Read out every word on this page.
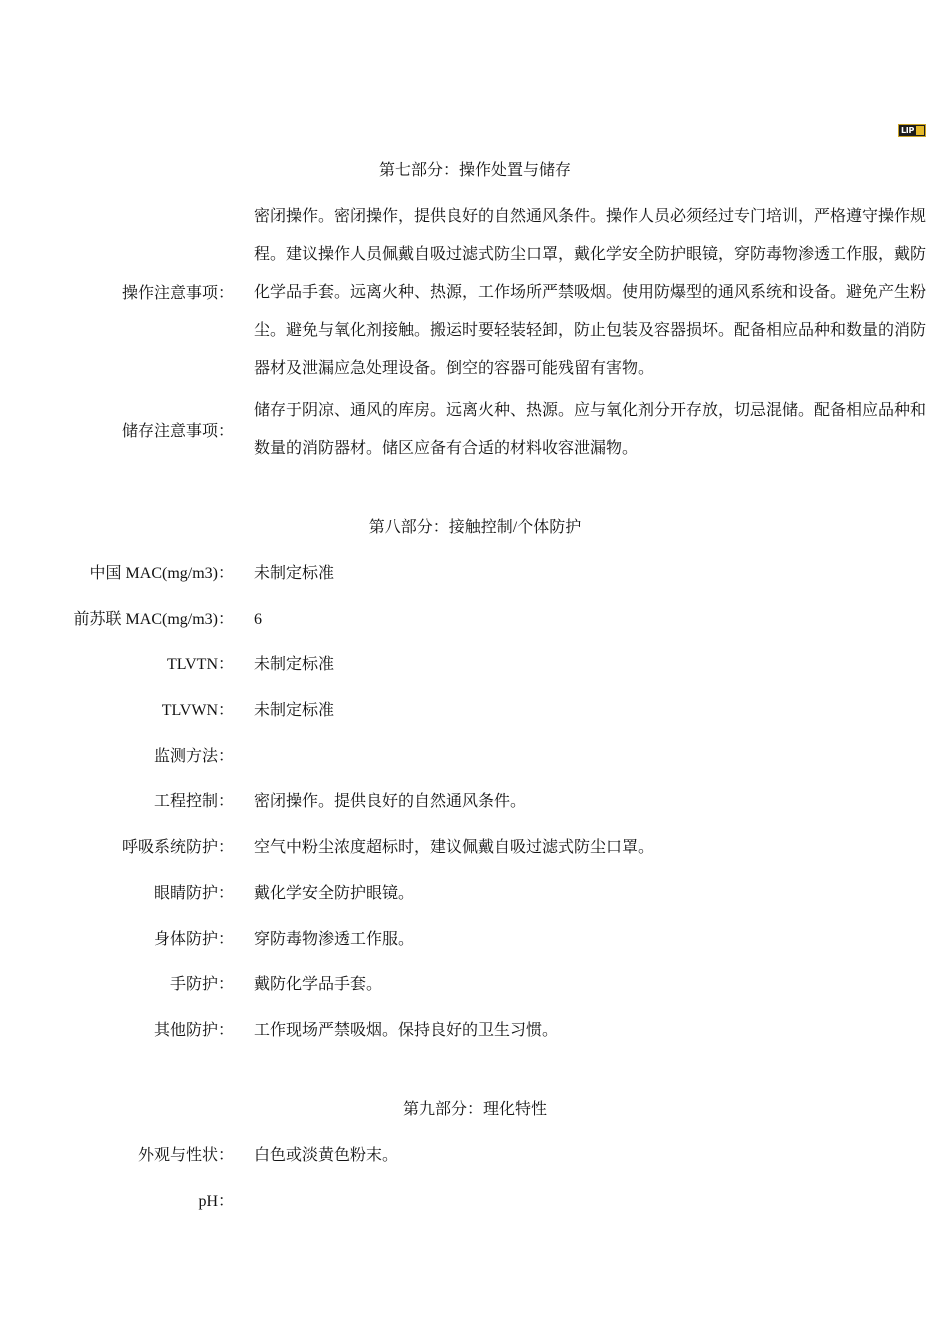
LIP
第七部分：操作处置与储存
操作注意事项：
密闭操作。密闭操作，提供良好的自然通风条件。操作人员必须经过专门培训，严格遵守操作规程。建议操作人员佩戴自吸过滤式防尘口罩，戴化学安全防护眼镜，穿防毒物渗透工作服，戴防化学品手套。远离火种、热源，工作场所严禁吸烟。使用防爆型的通风系统和设备。避免产生粉尘。避免与氧化剂接触。搬运时要轻装轻卸，防止包装及容器损坏。配备相应品种和数量的消防器材及泄漏应急处理设备。倒空的容器可能残留有害物。
储存注意事项：
储存于阴凉、通风的库房。远离火种、热源。应与氧化剂分开存放，切忌混储。配备相应品种和数量的消防器材。储区应备有合适的材料收容泄漏物。
第八部分：接触控制/个体防护
中国 MAC(mg/m3)： 未制定标准
前苏联 MAC(mg/m3)： 6
TLVTN： 未制定标准
TLVWN： 未制定标准
监测方法：
工程控制： 密闭操作。提供良好的自然通风条件。
呼吸系统防护： 空气中粉尘浓度超标时，建议佩戴自吸过滤式防尘口罩。
眼睛防护： 戴化学安全防护眼镜。
身体防护： 穿防毒物渗透工作服。
手防护： 戴防化学品手套。
其他防护： 工作现场严禁吸烟。保持良好的卫生习惯。
第九部分：理化特性
外观与性状： 白色或淡黄色粉末。
pH：
